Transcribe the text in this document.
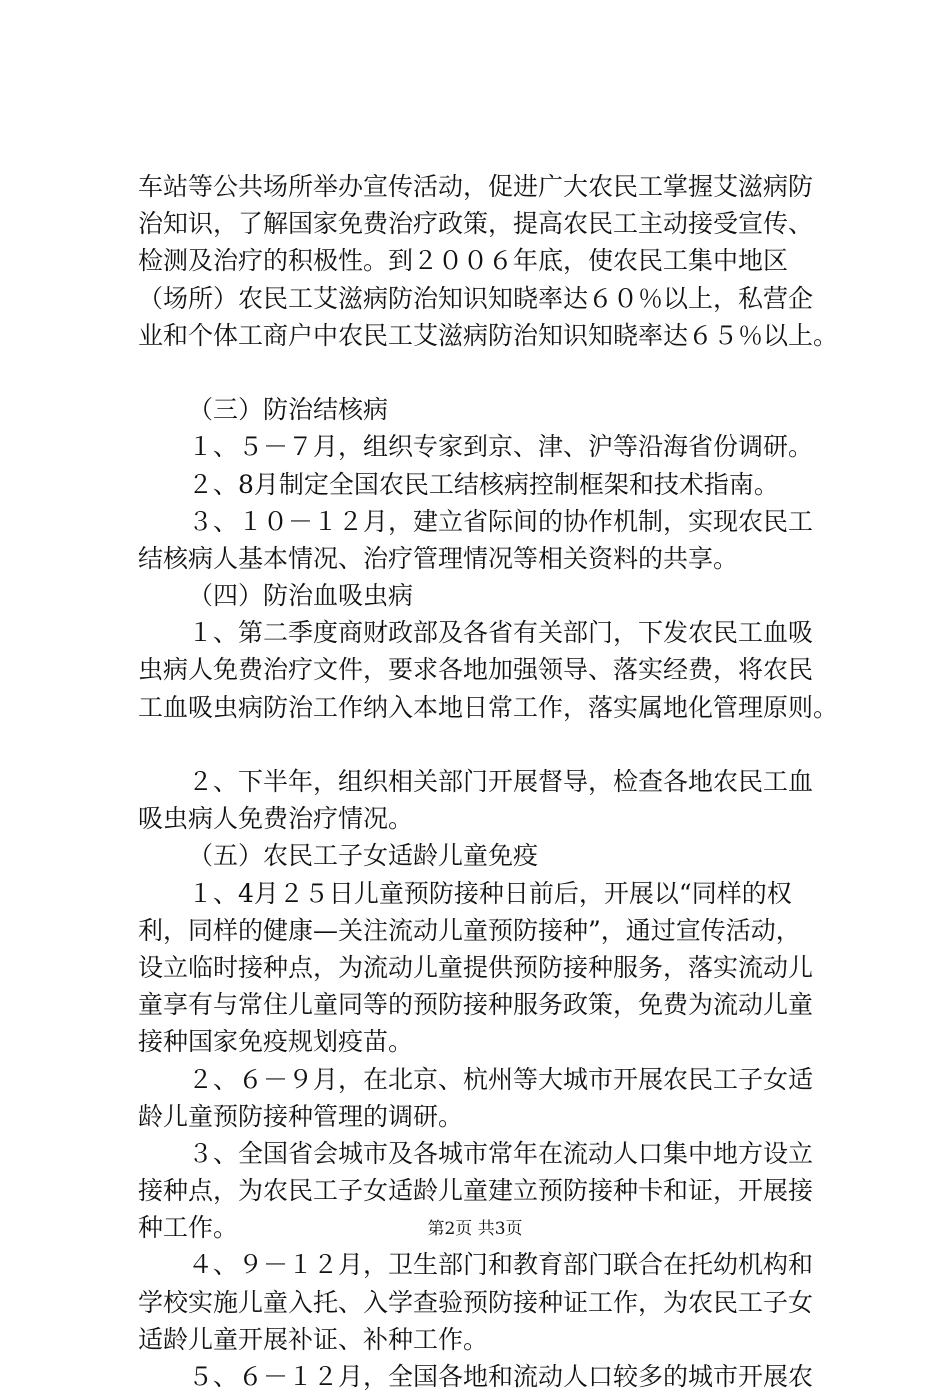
车站等公共场所举办宣传活动，促进广大农民工掌握艾滋病防
治知识，了解国家免费治疗政策，提高农民工主动接受宣传、
检测及治疗的积极性。到２００６年底，使农民工集中地区
（场所）农民工艾滋病防治知识知晓率达６０％以上，私营企
业和个体工商户中农民工艾滋病防治知识知晓率达６５％以上。
（三）防治结核病
１、５－７月，组织专家到京、津、沪等沿海省份调研。
２、8月制定全国农民工结核病控制框架和技术指南。
３、１０－１２月，建立省际间的协作机制，实现农民工
结核病人基本情况、治疗管理情况等相关资料的共享。
（四）防治血吸虫病
１、第二季度商财政部及各省有关部门，下发农民工血吸
虫病人免费治疗文件，要求各地加强领导、落实经费，将农民
工血吸虫病防治工作纳入本地日常工作，落实属地化管理原则。
２、下半年，组织相关部门开展督导，检查各地农民工血
吸虫病人免费治疗情况。
（五）农民工子女适龄儿童免疫
１、4月２５日儿童预防接种日前后，开展以“同样的权
利，同样的健康—关注流动儿童预防接种”，通过宣传活动，
设立临时接种点，为流动儿童提供预防接种服务，落实流动儿
童享有与常住儿童同等的预防接种服务政策，免费为流动儿童
接种国家免疫规划疫苗。
２、６－９月，在北京、杭州等大城市开展农民工子女适
龄儿童预防接种管理的调研。
３、全国省会城市及各城市常年在流动人口集中地方设立
接种点，为农民工子女适龄儿童建立预防接种卡和证，开展接
种工作。
４、９－１２月，卫生部门和教育部门联合在托幼机构和
学校实施儿童入托、入学查验预防接种证工作，为农民工子女
适龄儿童开展补证、补种工作。
５、６－１２月，全国各地和流动人口较多的城市开展农
第2页 共3页
